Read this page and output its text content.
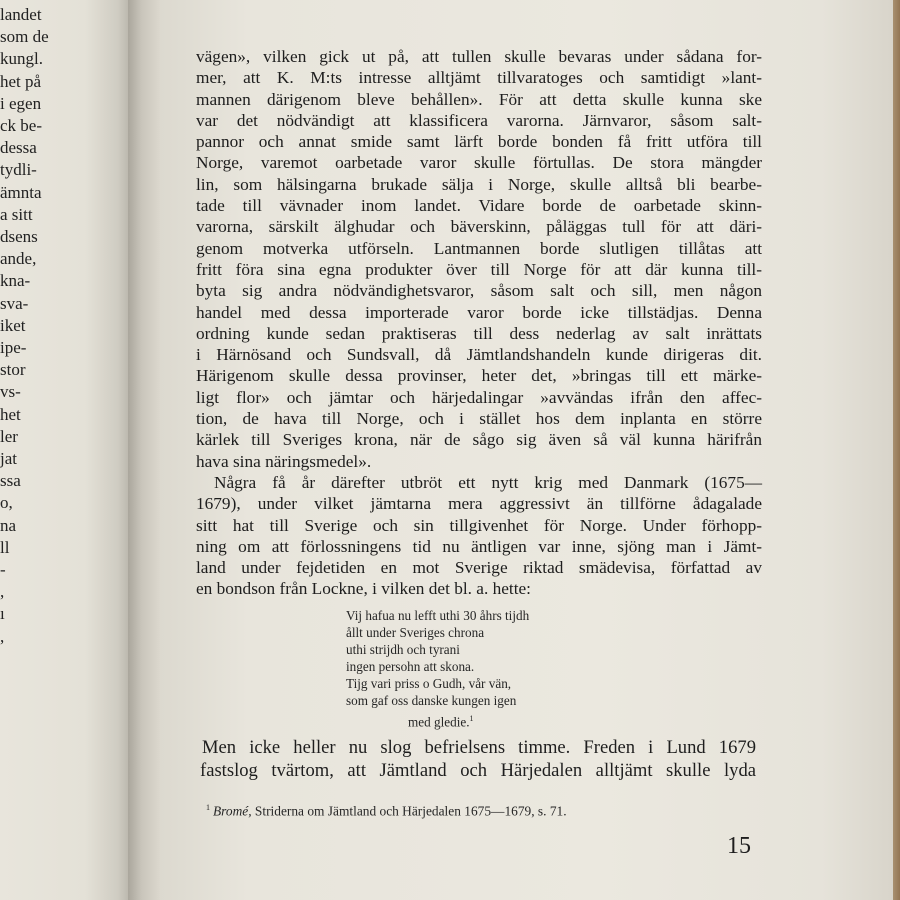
landet
som de
kungl.
het på
i egen
ck be-
dessa
tydli-
ämnta
a sitt
dsens
ande,
kna-
sva-
iket
ipe-
stor
vs-
het
ler
jat
ssa
o,
na
ll
-
,
ı
,
vägen», vilken gick ut på, att tullen skulle bevaras under sådana for-
mer, att K. M:ts intresse alltjämt tillvaratoges och samtidigt »lant-
mannen därigenom bleve behållen». För att detta skulle kunna ske
var det nödvändigt att klassificera varorna. Järnvaror, såsom salt-
pannor och annat smide samt lärft borde bonden få fritt utföra till
Norge, varemot oarbetade varor skulle förtullas. De stora mängder
lin, som hälsingarna brukade sälja i Norge, skulle alltså bli bearbe-
tade till vävnader inom landet. Vidare borde de oarbetade skinn-
varorna, särskilt älghudar och bäverskinn, påläggas tull för att däri-
genom motverka utförseln. Lantmannen borde slutligen tillåtas att
fritt föra sina egna produkter över till Norge för att där kunna till-
byta sig andra nödvändighetsvaror, såsom salt och sill, men någon
handel med dessa importerade varor borde icke tillstädjas. Denna
ordning kunde sedan praktiseras till dess nederlag av salt inrättats
i Härnösand och Sundsvall, då Jämtlandshandeln kunde dirigeras dit.
Härigenom skulle dessa provinser, heter det, »bringas till ett märke-
ligt flor» och jämtar och härjedalingar »avvändas ifrån den affec-
tion, de hava till Norge, och i stället hos dem inplanta en större
kärlek till Sveriges krona, när de sågo sig även så väl kunna härifrån
hava sina näringsmedel».
Några få år därefter utbröt ett nytt krig med Danmark (1675—
1679), under vilket jämtarna mera aggressivt än tillförne ådagalade
sitt hat till Sverige och sin tillgivenhet för Norge. Under förhopp-
ning om att förlossningens tid nu äntligen var inne, sjöng man i Jämt-
land under fejdetiden en mot Sverige riktad smädevisa, författad av
en bondson från Lockne, i vilken det bl. a. hette:
Vij hafua nu lefft uthi 30 åhrs tijdh
ållt under Sveriges chrona
uthi strijdh och tyrani
ingen persohn att skona.
Tijg vari priss o Gudh, vår vän,
som gaf oss danske kungen igen
med gledie.$^1$
Men icke heller nu slog befrielsens timme. Freden i Lund 1679
fastslog tvärtom, att Jämtland och Härjedalen alltjämt skulle lyda
$^1$ Bromé, Striderna om Jämtland och Härjedalen 1675—1679, s. 71.
15
